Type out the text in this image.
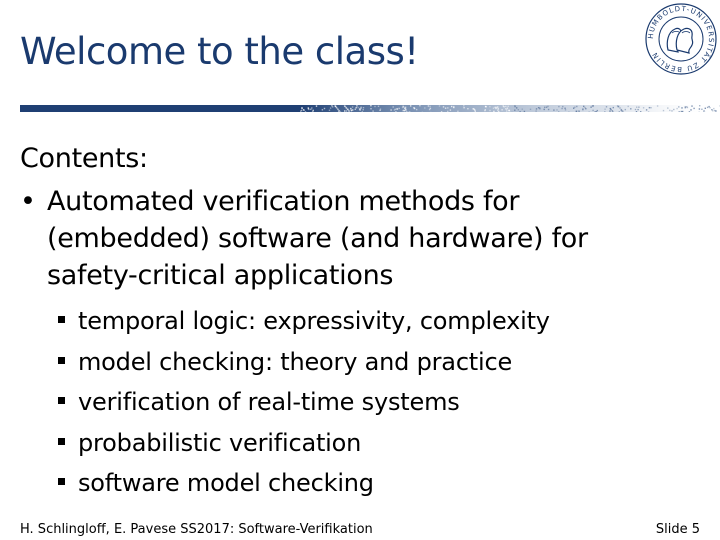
Welcome to the class!	HUMBOLDT-UNIVERSITÄT ZU BERLIN
Contents:
• Automated verification methods for
(embedded) software (and hardware) for
safety-critical applications
temporal logic: expressivity, complexity
model checking: theory and practice
verification of real-time systems
probabilistic verification
software model checking
H. Schlingloff, E. Pavese SS2017: Software-Verifikation	Slide 5
